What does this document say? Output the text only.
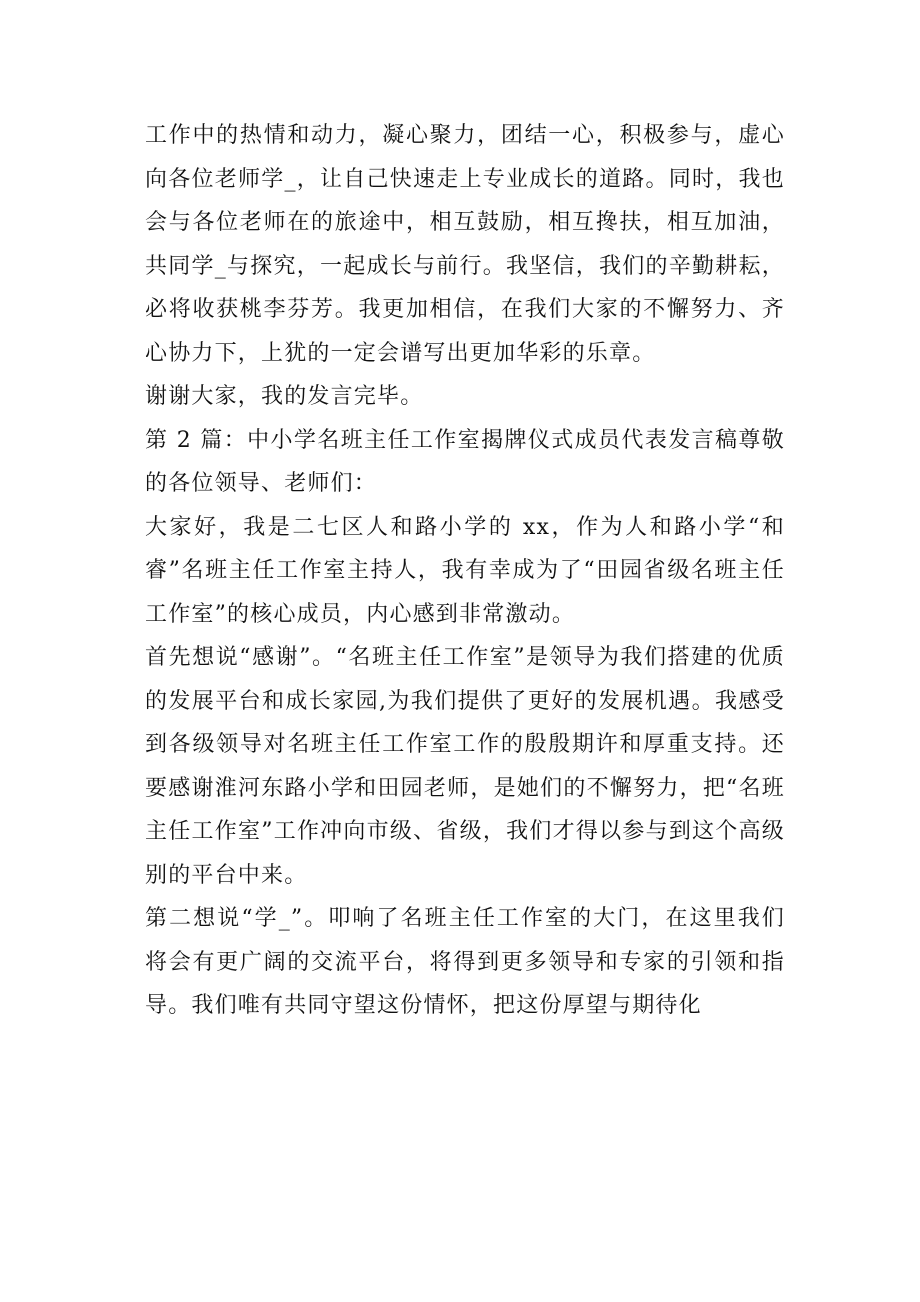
工作中的热情和动力，凝心聚力，团结一心，积极参与，虚心向各位老师学_，让自己快速走上专业成长的道路。同时，我也会与各位老师在的旅途中，相互鼓励，相互搀扶，相互加油，共同学_与探究，一起成长与前行。我坚信，我们的辛勤耕耘，必将收获桃李芬芳。我更加相信，在我们大家的不懈努力、齐心协力下，上犹的一定会谱写出更加华彩的乐章。

谢谢大家，我的发言完毕。

第 2 篇：中小学名班主任工作室揭牌仪式成员代表发言稿尊敬的各位领导、老师们：

大家好，我是二七区人和路小学的 xx，作为人和路小学“和睿”名班主任工作室主持人，我有幸成为了“田园省级名班主任工作室”的核心成员，内心感到非常激动。

首先想说“感谢”。“名班主任工作室”是领导为我们搭建的优质的发展平台和成长家园,为我们提供了更好的发展机遇。我感受到各级领导对名班主任工作室工作的殷殷期许和厚重支持。还要感谢淮河东路小学和田园老师，是她们的不懈努力，把“名班主任工作室”工作冲向市级、省级，我们才得以参与到这个高级别的平台中来。

第二想说“学_”。叩响了名班主任工作室的大门，在这里我们将会有更广阔的交流平台，将得到更多领导和专家的引领和指导。我们唯有共同守望这份情怀，把这份厚望与期待化
